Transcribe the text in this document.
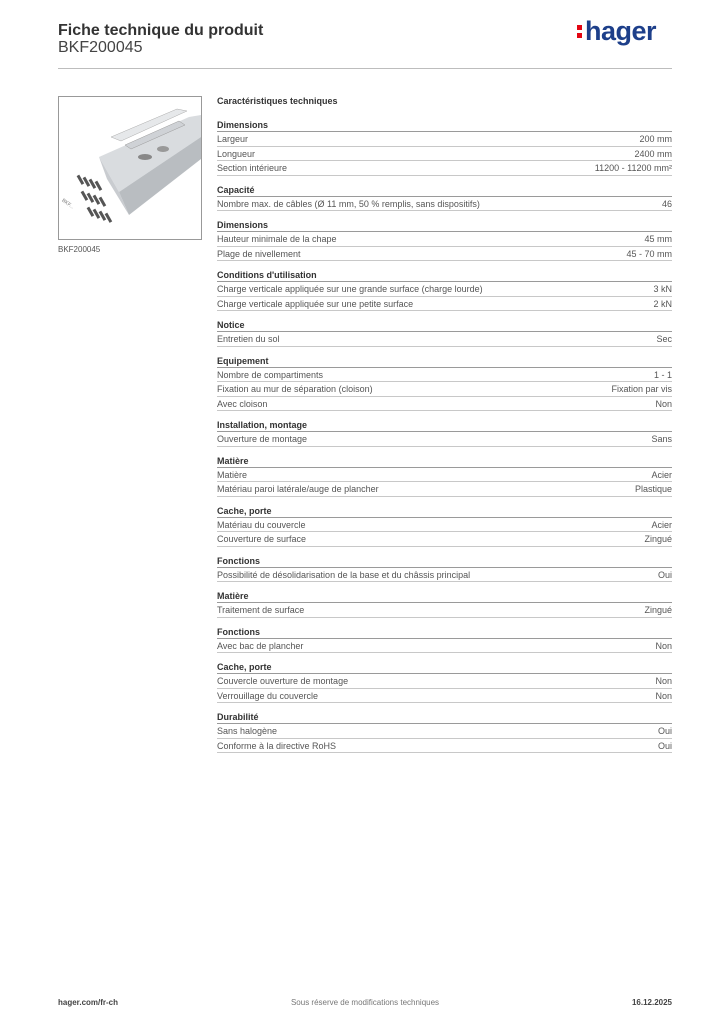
Fiche technique du produit
BKF200045
hager
BKF...
BKF200045
Caractéristiques techniques
Dimensions
Largeur	200 mm
Longueur	2400 mm
Section intérieure	11200 - 11200 mm²
Capacité
Nombre max. de câbles (Ø 11 mm, 50 % remplis, sans dispositifs)	46
Dimensions
Hauteur minimale de la chape	45 mm
Plage de nivellement	45 - 70 mm
Conditions d'utilisation
Charge verticale appliquée sur une grande surface (charge lourde)	3 kN
Charge verticale appliquée sur une petite surface	2 kN
Notice
Entretien du sol	Sec
Equipement
Nombre de compartiments	1 - 1
Fixation au mur de séparation (cloison)	Fixation par vis
Avec cloison	Non
Installation, montage
Ouverture de montage	Sans
Matière
Matière	Acier
Matériau paroi latérale/auge de plancher	Plastique
Cache, porte
Matériau du couvercle	Acier
Couverture de surface	Zingué
Fonctions
Possibilité de désolidarisation de la base et du châssis principal	Oui
Matière
Traitement de surface	Zingué
Fonctions
Avec bac de plancher	Non
Cache, porte
Couvercle ouverture de montage	Non
Verrouillage du couvercle	Non
Durabilité
Sans halogène	Oui
Conforme à la directive RoHS	Oui
hager.com/fr-ch	Sous réserve de modifications techniques	16.12.2025
